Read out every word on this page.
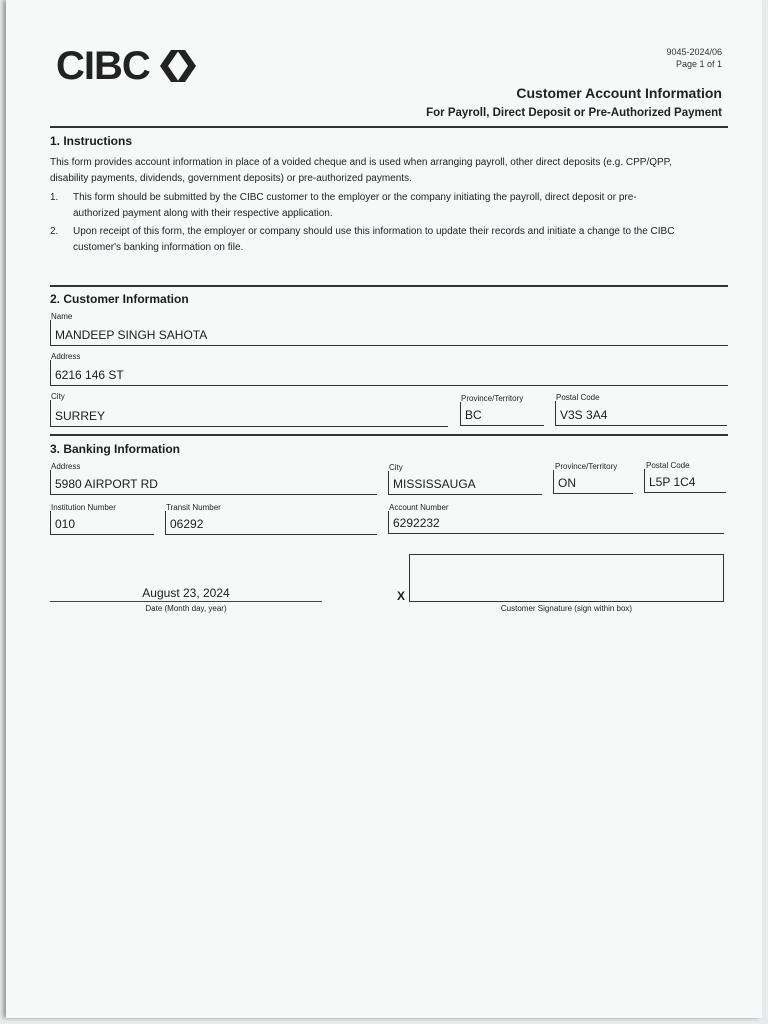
CIBC	9045-2024/06
Page 1 of 1
Customer Account Information
For Payroll, Direct Deposit or Pre-Authorized Payment
1. Instructions
This form provides account information in place of a voided cheque and is used when arranging payroll, other direct deposits (e.g. CPP/QPP,
disability payments, dividends, government deposits) or pre-authorized payments.
1. This form should be submitted by the CIBC customer to the employer or the company initiating the payroll, direct deposit or pre-
authorized payment along with their respective application.
2. Upon receipt of this form, the employer or company should use this information to update their records and initiate a change to the CIBC
customer's banking information on file.
2. Customer Information
Name
MANDEEP SINGH SAHOTA
Address
6216 146 ST
City
SURREY
Province/Territory
BC
Postal Code
V3S 3A4
3. Banking Information
Address
5980 AIRPORT RD
City
MISSISSAUGA
Province/Territory
ON
Postal Code
L5P 1C4
Institution Number
010
Transit Number
06292
Account Number
6292232
August 23, 2024
Date (Month day, year)
X
Customer Signature (sign within box)
